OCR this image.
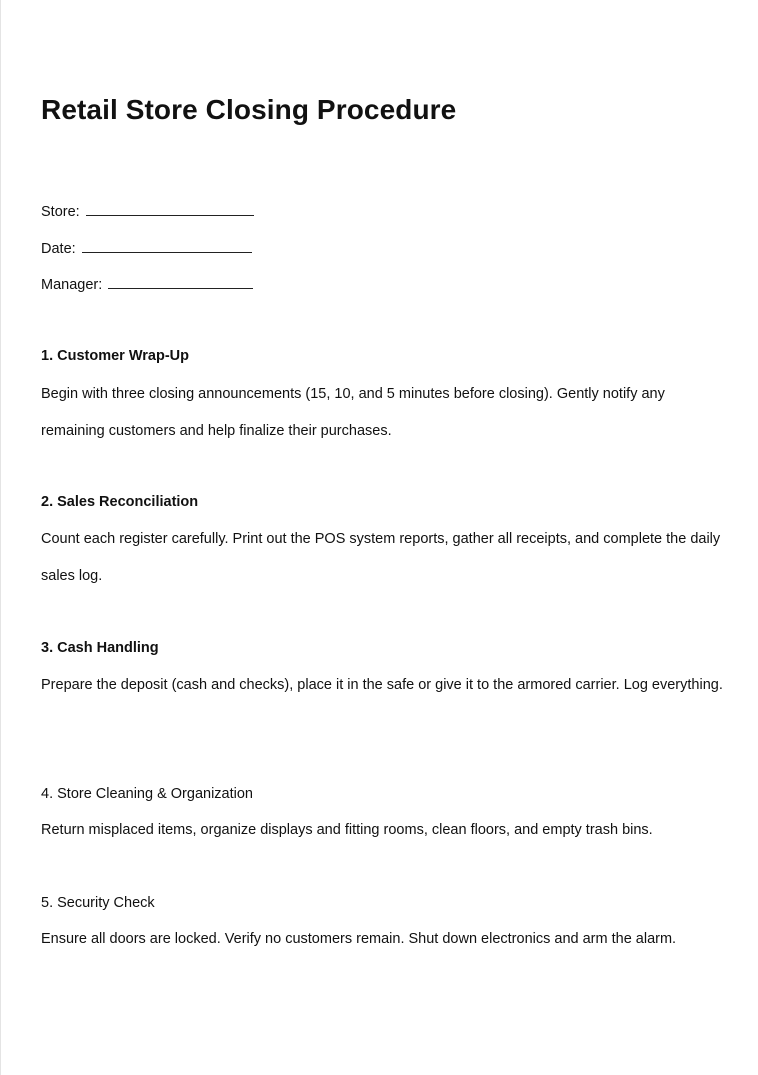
Retail Store Closing Procedure
Store:
Date:
Manager:
1. Customer Wrap-Up

Begin with three closing announcements (15, 10, and 5 minutes before closing). Gently notify any remaining customers and help finalize their purchases.

2. Sales Reconciliation

Count each register carefully. Print out the POS system reports, gather all receipts, and complete the daily sales log.

3. Cash Handling

Prepare the deposit (cash and checks), place it in the safe or give it to the armored carrier. Log everything.

4. Store Cleaning & Organization

Return misplaced items, organize displays and fitting rooms, clean floors, and empty trash bins.

5. Security Check

Ensure all doors are locked. Verify no customers remain. Shut down electronics and arm the alarm.
